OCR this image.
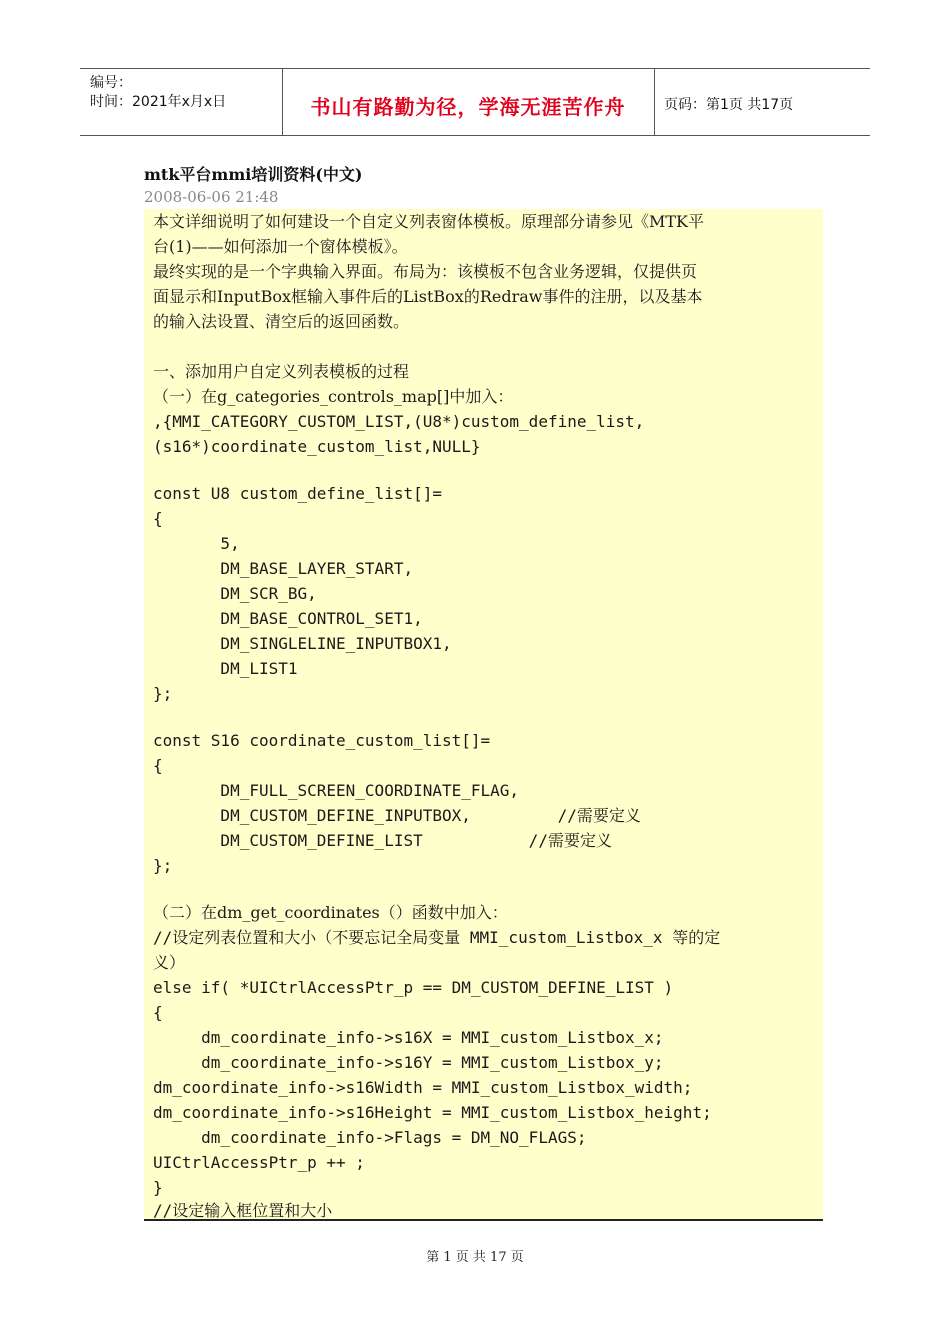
编号：
时间：2021年x月x日	书山有路勤为径，学海无涯苦作舟	页码：第1页 共17页
mtk平台mmi培训资料(中文)
2008-06-06 21:48
本文详细说明了如何建设一个自定义列表窗体模板。原理部分请参见《MTK平
台(1)——如何添加一个窗体模板》。
最终实现的是一个字典输入界面。布局为：该模板不包含业务逻辑，仅提供页
面显示和InputBox框输入事件后的ListBox的Redraw事件的注册，以及基本
的输入法设置、清空后的返回函数。
一、添加用户自定义列表模板的过程
（一）在g_categories_controls_map[]中加入：
,{MMI_CATEGORY_CUSTOM_LIST,(U8*)custom_define_list,
(s16*)coordinate_custom_list,NULL}
const U8 custom_define_list[]=
{
5,
DM_BASE_LAYER_START,
DM_SCR_BG,
DM_BASE_CONTROL_SET1,
DM_SINGLELINE_INPUTBOX1,
DM_LIST1
};
const S16 coordinate_custom_list[]=
{
DM_FULL_SCREEN_COORDINATE_FLAG,
DM_CUSTOM_DEFINE_INPUTBOX,         //需要定义
DM_CUSTOM_DEFINE_LIST           //需要定义
};
（二）在dm_get_coordinates（）函数中加入：
//设定列表位置和大小（不要忘记全局变量 MMI_custom_Listbox_x 等的定
义）
else if( *UICtrlAccessPtr_p == DM_CUSTOM_DEFINE_LIST )
{
dm_coordinate_info->s16X = MMI_custom_Listbox_x;
dm_coordinate_info->s16Y = MMI_custom_Listbox_y;
dm_coordinate_info->s16Width = MMI_custom_Listbox_width;
dm_coordinate_info->s16Height = MMI_custom_Listbox_height;
dm_coordinate_info->Flags = DM_NO_FLAGS;
UICtrlAccessPtr_p ++ ;
}
//设定输入框位置和大小
第 1 页 共 17 页
